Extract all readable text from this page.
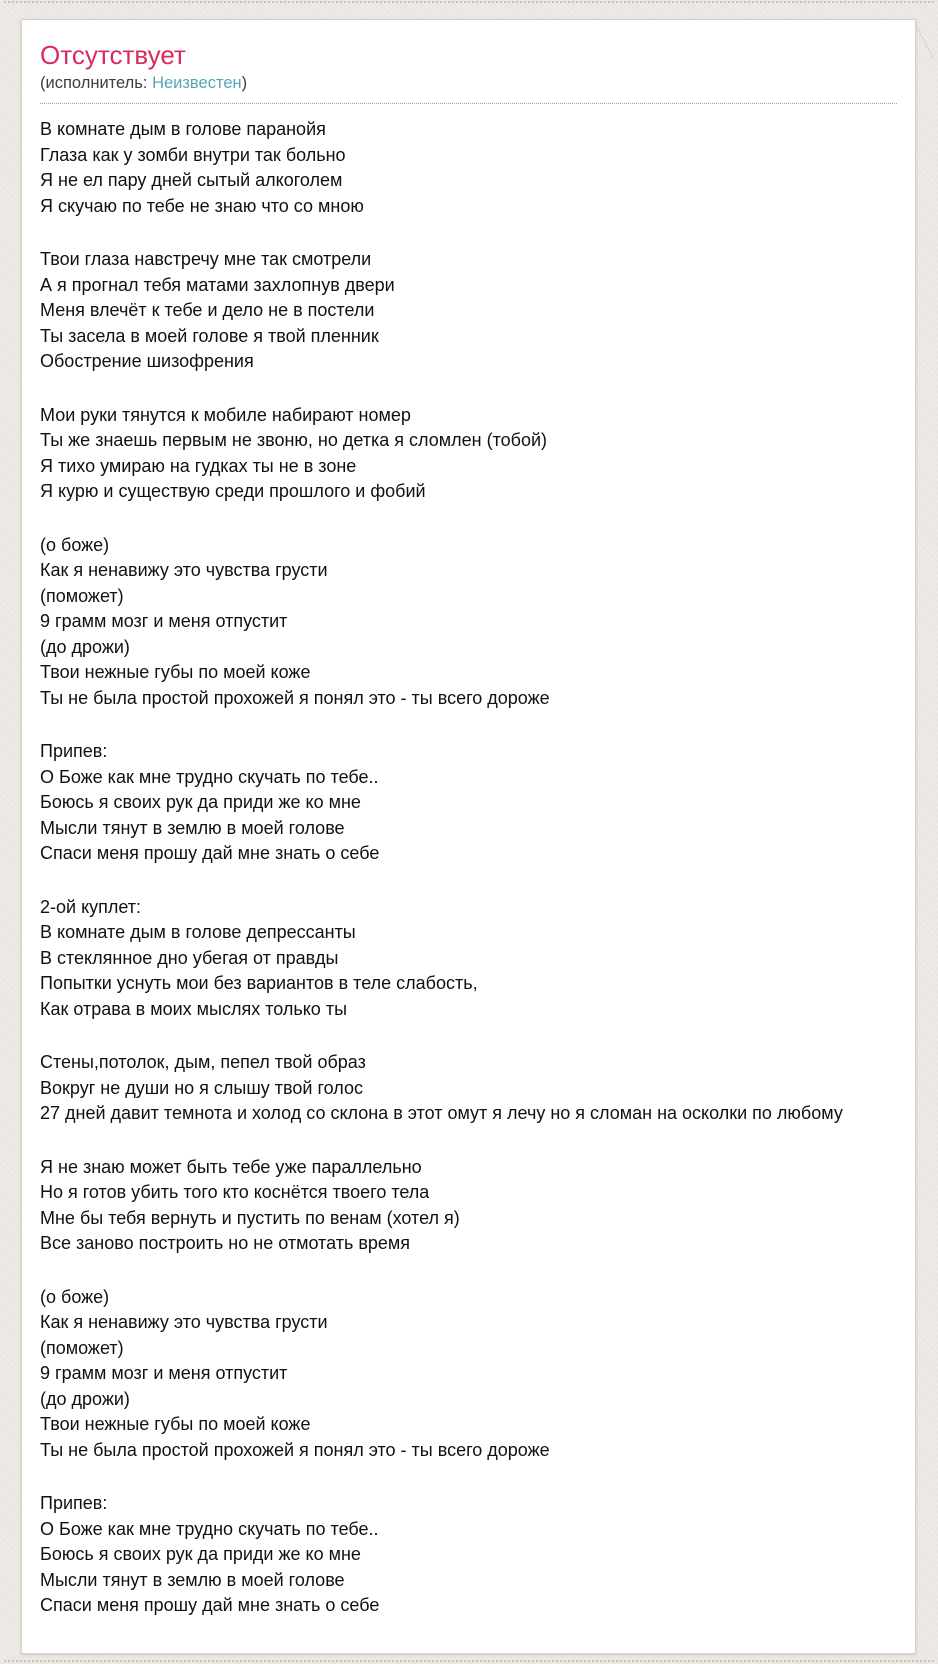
Отсутствует
(исполнитель: Неизвестен)

В комнате дым в голове паранойя
Глаза как у зомби внутри так больно
Я не ел пару дней сытый алкоголем
Я скучаю по тебе не знаю что со мною

Твои глаза навстречу мне так смотрели
А я прогнал тебя матами захлопнув двери
Меня влечёт к тебе и дело не в постели
Ты засела в моей голове я твой пленник
Обострение шизофрения

Мои руки тянутся к мобиле набирают номер
Ты же знаешь первым не звоню, но детка я сломлен (тобой)
Я тихо умираю на гудках ты не в зоне
Я курю и существую среди прошлого и фобий

(о боже)
Как я ненавижу это чувства грусти
(поможет)
9 грамм мозг и меня отпустит
(до дрожи)
Твои нежные губы по моей коже
Ты не была простой прохожей я понял это - ты всего дороже

Припев:
О Боже как мне трудно скучать по тебе..
Боюсь я своих рук да приди же ко мне
Мысли тянут в землю в моей голове
Спаси меня прошу дай мне знать о себе

2-ой куплет:
В комнате дым в голове депрессанты
В стеклянное дно убегая от правды
Попытки уснуть мои без вариантов в теле слабость,
Как отрава в моих мыслях только ты

Стены,потолок, дым, пепел твой образ
Вокруг не души но я слышу твой голос
27 дней давит темнота и холод со склона в этот омут я лечу но я сломан на осколки по любому

Я не знаю может быть тебе уже параллельно
Но я готов убить того кто коснётся твоего тела
Мне бы тебя вернуть и пустить по венам (хотел я)
Все заново построить но не отмотать время

(о боже)
Как я ненавижу это чувства грусти
(поможет)
9 грамм мозг и меня отпустит
(до дрожи)
Твои нежные губы по моей коже
Ты не была простой прохожей я понял это - ты всего дороже

Припев:
О Боже как мне трудно скучать по тебе..
Боюсь я своих рук да приди же ко мне
Мысли тянут в землю в моей голове
Спаси меня прошу дай мне знать о себе
